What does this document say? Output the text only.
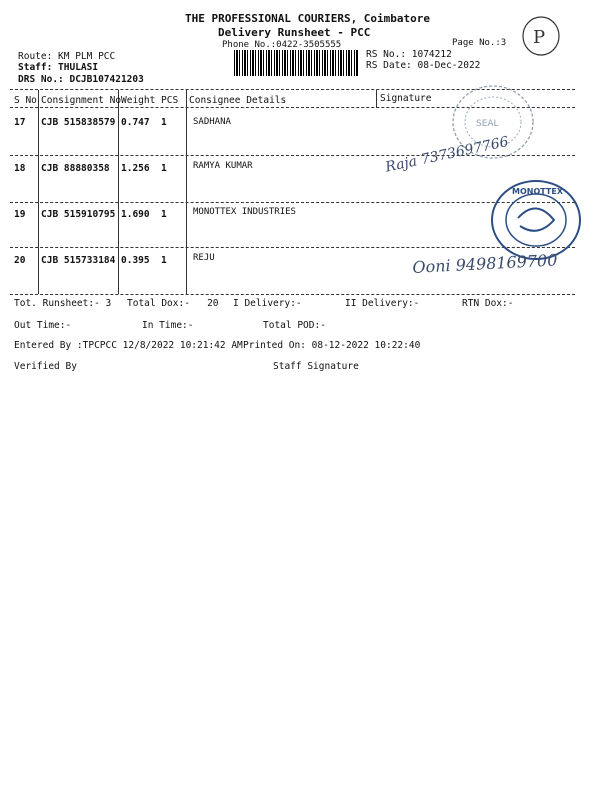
THE PROFESSIONAL COURIERS, Coimbatore
Delivery Runsheet - PCC
Phone No.:0422-3505555	Page No.:3
Route: KM PLM PCC
Staff: THULASI
DRS No.: DCJB107421203
RS No.: 1074212
RS Date: 08-Dec-2022
P
S No Consignment No Weight PCS Consignee Details	Signature
17 CJB 515838579 0.747 1	SADHANA
18 CJB 88880358 1.256 1	RAMYA KUMAR
19 CJB 515910795 1.690 1	MONOTTEX INDUSTRIES
20 CJB 515733184 0.395 1	REJU
SEAL
MONOTTEX
Raja 7373697766
Ooni 9498169700
Tot. Runsheet:- 3 Total Dox:-   20 I Delivery:-	II Delivery:-	RTN Dox:-
Out Time:-	In Time:-	Total POD:-
Entered By :TPCPCC 12/8/2022 10:21:42 AM Printed On: 08-12-2022 10:22:40
Verified By	Staff Signature
